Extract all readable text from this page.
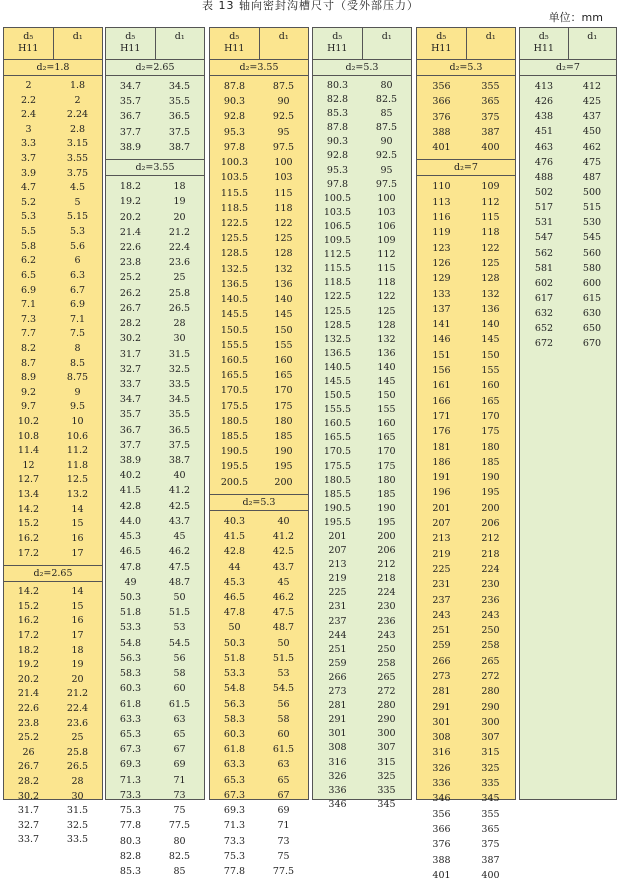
表 13 轴向密封沟槽尺寸（受外部压力）
单位：mm
d₅
H11
d₁
d₂=1.8
2	1.8
2.2	2
2.4	2.24
3	2.8
3.3	3.15
3.7	3.55
3.9	3.75
4.7	4.5
5.2	5
5.3	5.15
5.5	5.3
5.8	5.6
6.2	6
6.5	6.3
6.9	6.7
7.1	6.9
7.3	7.1
7.7	7.5
8.2	8
8.7	8.5
8.9	8.75
9.2	9
9.7	9.5
10.2	10
10.8	10.6
11.4	11.2
12	11.8
12.7	12.5
13.4	13.2
14.2	14
15.2	15
16.2	16
17.2	17
d₂=2.65
14.2	14
15.2	15
16.2	16
17.2	17
18.2	18
19.2	19
20.2	20
21.4	21.2
22.6	22.4
23.8	23.6
25.2	25
26	25.8
26.7	26.5
28.2	28
30.2	30
31.7	31.5
32.7	32.5
33.7	33.5
d₅
H11
d₁
d₂=2.65
34.7	34.5
35.7	35.5
36.7	36.5
37.7	37.5
38.9	38.7
d₂=3.55
18.2	18
19.2	19
20.2	20
21.4	21.2
22.6	22.4
23.8	23.6
25.2	25
26.2	25.8
26.7	26.5
28.2	28
30.2	30
31.7	31.5
32.7	32.5
33.7	33.5
34.7	34.5
35.7	35.5
36.7	36.5
37.7	37.5
38.9	38.7
40.2	40
41.5	41.2
42.8	42.5
44.0	43.7
45.3	45
46.5	46.2
47.8	47.5
49	48.7
50.3	50
51.8	51.5
53.3	53
54.8	54.5
56.3	56
58.3	58
60.3	60
61.8	61.5
63.3	63
65.3	65
67.3	67
69.3	69
71.3	71
73.3	73
75.3	75
77.8	77.5
80.3	80
82.8	82.5
85.3	85
d₅
H11
d₁
d₂=3.55
87.8	87.5
90.3	90
92.8	92.5
95.3	95
97.8	97.5
100.3	100
103.5	103
115.5	115
118.5	118
122.5	122
125.5	125
128.5	128
132.5	132
136.5	136
140.5	140
145.5	145
150.5	150
155.5	155
160.5	160
165.5	165
170.5	170
175.5	175
180.5	180
185.5	185
190.5	190
195.5	195
200.5	200
d₂=5.3
40.3	40
41.5	41.2
42.8	42.5
44	43.7
45.3	45
46.5	46.2
47.8	47.5
50	48.7
50.3	50
51.8	51.5
53.3	53
54.8	54.5
56.3	56
58.3	58
60.3	60
61.8	61.5
63.3	63
65.3	65
67.3	67
69.3	69
71.3	71
73.3	73
75.3	75
77.8	77.5
d₅
H11
d₁
d₂=5.3
80.3	80
82.8	82.5
85.3	85
87.8	87.5
90.3	90
92.8	92.5
95.3	95
97.8	97.5
100.5	100
103.5	103
106.5	106
109.5	109
112.5	112
115.5	115
118.5	118
122.5	122
125.5	125
128.5	128
132.5	132
136.5	136
140.5	140
145.5	145
150.5	150
155.5	155
160.5	160
165.5	165
170.5	170
175.5	175
180.5	180
185.5	185
190.5	190
195.5	195
201	200
207	206
213	212
219	218
225	224
231	230
237	236
244	243
251	250
259	258
266	265
273	272
281	280
291	290
301	300
308	307
316	315
326	325
336	335
346	345
d₅
H11
d₁
d₂=5.3
356	355
366	365
376	375
388	387
401	400
d₂=7
110	109
113	112
116	115
119	118
123	122
126	125
129	128
133	132
137	136
141	140
146	145
151	150
156	155
161	160
166	165
171	170
176	175
181	180
186	185
191	190
196	195
201	200
207	206
213	212
219	218
225	224
231	230
237	236
243	243
251	250
259	258
266	265
273	272
281	280
291	290
301	300
308	307
316	315
326	325
336	335
346	345
356	355
366	365
376	375
388	387
401	400
d₅
H11
d₁
d₂=7
413	412
426	425
438	437
451	450
463	462
476	475
488	487
502	500
517	515
531	530
547	545
562	560
581	580
602	600
617	615
632	630
652	650
672	670
